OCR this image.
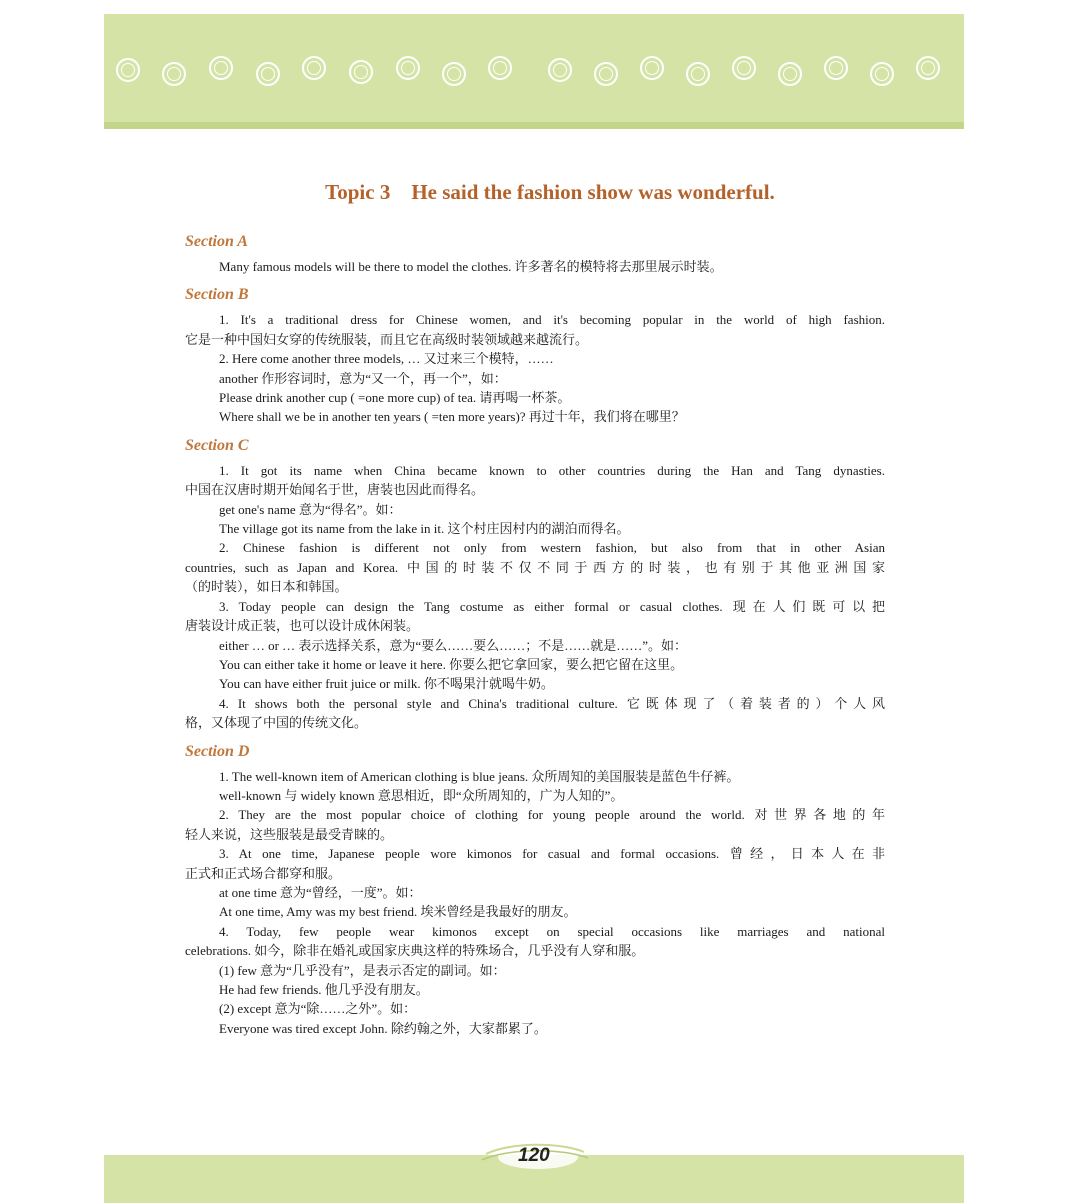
Topic 3    He said the fashion show was wonderful.
Section A
Many famous models will be there to model the clothes. 许多著名的模特将去那里展示时装。
Section B
1. It's a traditional dress for Chinese women, and it's becoming popular in the world of high fashion.
它是一种中国妇女穿的传统服装，而且它在高级时装领域越来越流行。
2. Here come another three models, … 又过来三个模特，……
another 作形容词时，意为“又一个，再一个”，如：
Please drink another cup ( =one more cup) of tea. 请再喝一杯茶。
Where shall we be in another ten years ( =ten more years)? 再过十年，我们将在哪里？
Section C
1. It got its name when China became known to other countries during the Han and Tang dynasties.
中国在汉唐时期开始闻名于世，唐装也因此而得名。
get one's name 意为“得名”。如：
The village got its name from the lake in it. 这个村庄因村内的湖泊而得名。
2. Chinese fashion is different not only from western fashion, but also from that in other Asian
countries, such as Japan and Korea. 中国的时装不仅不同于西方的时装，也有别于其他亚洲国家
（的时装），如日本和韩国。
3. Today people can design the Tang costume as either formal or casual clothes. 现在人们既可以把
唐装设计成正装，也可以设计成休闲装。
either … or … 表示选择关系，意为“要么……要么……；不是……就是……”。如：
You can either take it home or leave it here. 你要么把它拿回家，要么把它留在这里。
You can have either fruit juice or milk. 你不喝果汁就喝牛奶。
4. It shows both the personal style and China's traditional culture. 它既体现了（着装者的）个人风
格，又体现了中国的传统文化。
Section D
1. The well-known item of American clothing is blue jeans. 众所周知的美国服装是蓝色牛仔裤。
well-known 与 widely known 意思相近，即“众所周知的，广为人知的”。
2. They are the most popular choice of clothing for young people around the world. 对世界各地的年
轻人来说，这些服装是最受青睐的。
3. At one time, Japanese people wore kimonos for casual and formal occasions. 曾经，日本人在非
正式和正式场合都穿和服。
at one time 意为“曾经，一度”。如：
At one time, Amy was my best friend. 埃米曾经是我最好的朋友。
4. Today, few people wear kimonos except on special occasions like marriages and national
celebrations. 如今，除非在婚礼或国家庆典这样的特殊场合，几乎没有人穿和服。
(1) few 意为“几乎没有”，是表示否定的副词。如：
He had few friends. 他几乎没有朋友。
(2) except 意为“除……之外”。如：
Everyone was tired except John. 除约翰之外，大家都累了。
120
